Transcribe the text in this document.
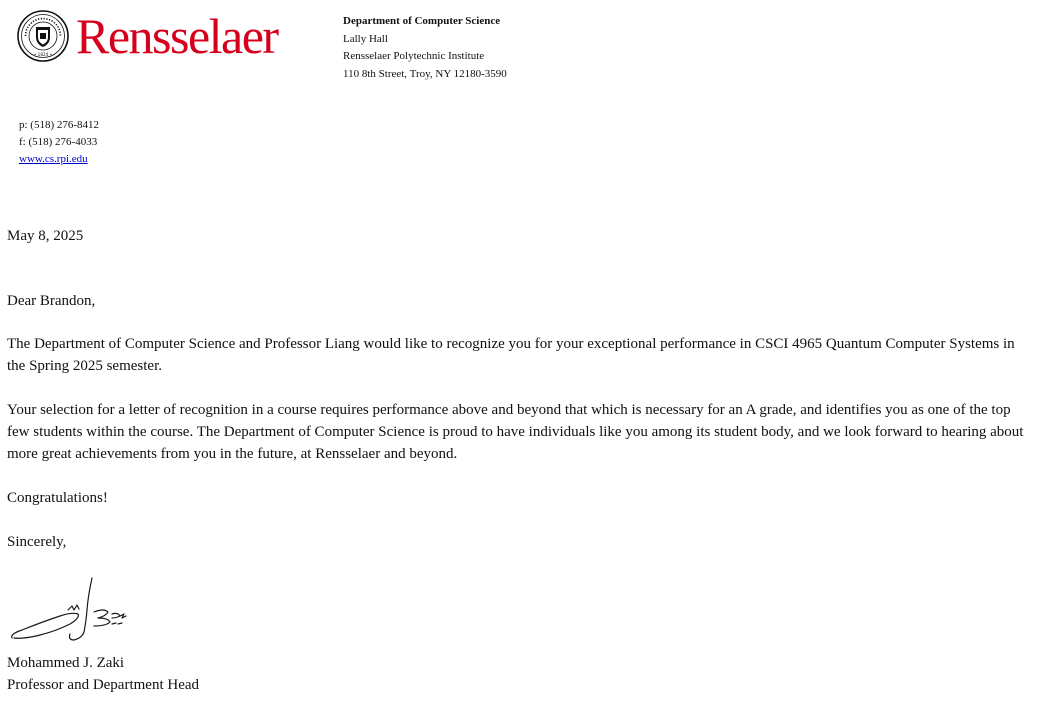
• 1824 • Rensselaer	Department of Computer Science
Lally Hall
Rensselaer Polytechnic Institute
110 8th Street, Troy, NY 12180-3590
p: (518) 276-8412
f: (518) 276-4033
www.cs.rpi.edu
May 8, 2025
Dear Brandon,
The Department of Computer Science and Professor Liang would like to recognize you for your exceptional performance in CSCI 4965 Quantum Computer Systems in the Spring 2025 semester.
Your selection for a letter of recognition in a course requires performance above and beyond that which is necessary for an A grade, and identifies you as one of the top few students within the course. The Department of Computer Science is proud to have individuals like you among its student body, and we look forward to hearing about more great achievements from you in the future, at Rensselaer and beyond.
Congratulations!
Sincerely,
Mohammed J. Zaki
Professor and Department Head
